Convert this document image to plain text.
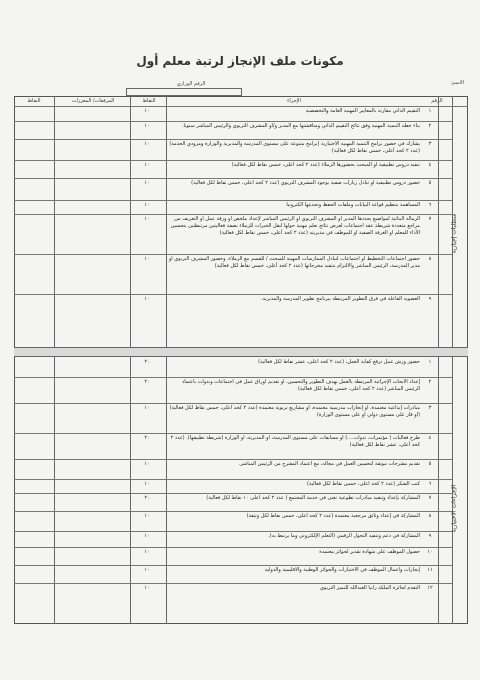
مكونات ملف الإنجاز لرتبة معلم أول
الاسم:
الرقم الوزاري
الرقم
الإجراء
النقاط
المرفقات/ المعززات
النقاط
متطلبات إجبارية
الإجراءات الاختيارية
١
١٠	التقييم الذاتي مقارنة بالمعايير المهنية العامة والتخصصية
٢
١٠	بناء خطة التنمية المهنية وفق نتائج التقييم الذاتي ومناقشتها مع المدير و/أو المشرف التربوي والرئيس المباشر سنوياً.
٣
١٠	يشارك في حضور برامج التنمية المهنية الاختيارية (برامج متنوعة على مستوى المدرسة والمديرية والوزارة ومزودي الخدمة) (عدد ٢ كحد أعلى، خمس نقاط لكل فعالية)
٤
١٠	تنفيذ دروس تطبيقية أو المبحث بحضورها الزملاء (عدد ٢ كحد أعلى، خمس نقاط لكل فعالية)
٥
١٠	حضور دروس تطبيقية أو تبادل زيارات صفية بوجود المشرف التربوي (عدد ٢ كحد أعلى، خمس نقاط لكل فعالية)
٦
١٠	المساهمة بتنظيم قواعد البيانات وملفات الحفظ وتحديثها الكترونيا
٧
١٠	الزمالة البنائية لمواضيع يحددها المدير او المشرف التربوي او الرئيس المباشر لإعداد ملخص او ورقة عمل او التعريف من مراجع متعددة شريطة عقد اجتماعات لعرض نتائج تعلم مهنية حولها لنقل الخبرات للزملاء بصفة فعاليتين مرتبطتين بتحسين الأداء للمعلم او الغرفة الصفية او للموظف في مديريته (عدد ٢ كحد أعلى، خمس نقاط لكل فعالية)
٨
١٠	حضور اجتماعات التخطيط أو اجتماعات لتبادل الممارسات المهنية للمبحث / للقسم مع الزملاء، وحضور المشرف التربوي أو مدير المدرسة، الرئيس المباشر والالتزام بتنفيذ مخرجاتها (عدد ٢ كحد أعلى، خمس نقاط لكل فعالية)
٩
١٠	العضوية الفاعلة في فرق التطوير المرتبطة ببرنامج تطوير المدرسة والمديرية.
١
٢٠	حضور ورش عمل ترفع كفاية العمل، (عدد ٢ كحد أعلى، عشر نقاط لكل فعالية)
٢
٢٠	إعداد الأبحاث الإجرائية المرتبطة بالعمل بهدف التطوير والتحسين، او تقديم اوراق عمل في اجتماعات وندوات باعتماد الرئيس المباشر (عدد ٢ كحد أعلى، خمس نقاط لكل فعالية)
٣
١٠	مبادرات إبداعية معتمدة، او إنجازات مدرسية معتمدة، أو مشاريع تربوية معتمدة (عدد ٢ كحد أعلى، خمس نقاط لكل فعالية) (او فاز على مستوى دولي او على مستوى الوزارة)
٤
٢٠	طرح فعاليات ( مؤتمرات، ندوات....) او مسابقات على مستوى المدرسة، أو المديرية، أو الوزارة (شريطة تطبيقها). (عدد ٢ كحد أعلى، عشر نقاط لكل فعالية)
٥
١٠	تقديم مقترحات موثقة لتحسين العمل في مجاله، مع اعتماد المقترح من الرئيس المباشر.
٦
١٠	كتب الشكر (عدد ٢ كحد أعلى، خمس نقاط لكل فعالية)
٧
٢٠	المشاركة بإعداد وتنفيذ مبادرات تطوعية تعنى في خدمة المجتمع ( عدد ٢ كحد أعلى ١٠ نقاط لكل فعالية)
٨
١٠	المشاركة في إعداد وثائق مرجعية معتمدة (عدد ٢ كحد أعلى، خمس نقاط لكل وثيقة)
٩
١٠	المشاركة في دعم وتنفيذ التحول الرقمي (التعلم الإلكتروني وما يرتبط به).
١٠
١٠	حصول الموظف على شهادة تقدير لجوائز معتمدة
١١
١٠	إنجازات وأعمال الموظف في الاختبارات والجوائز الوطنية والاقليمية والدولية
١٢
١٠	التقدم لجائزة الملكة رانيا العبدالله للتميز التربوي
